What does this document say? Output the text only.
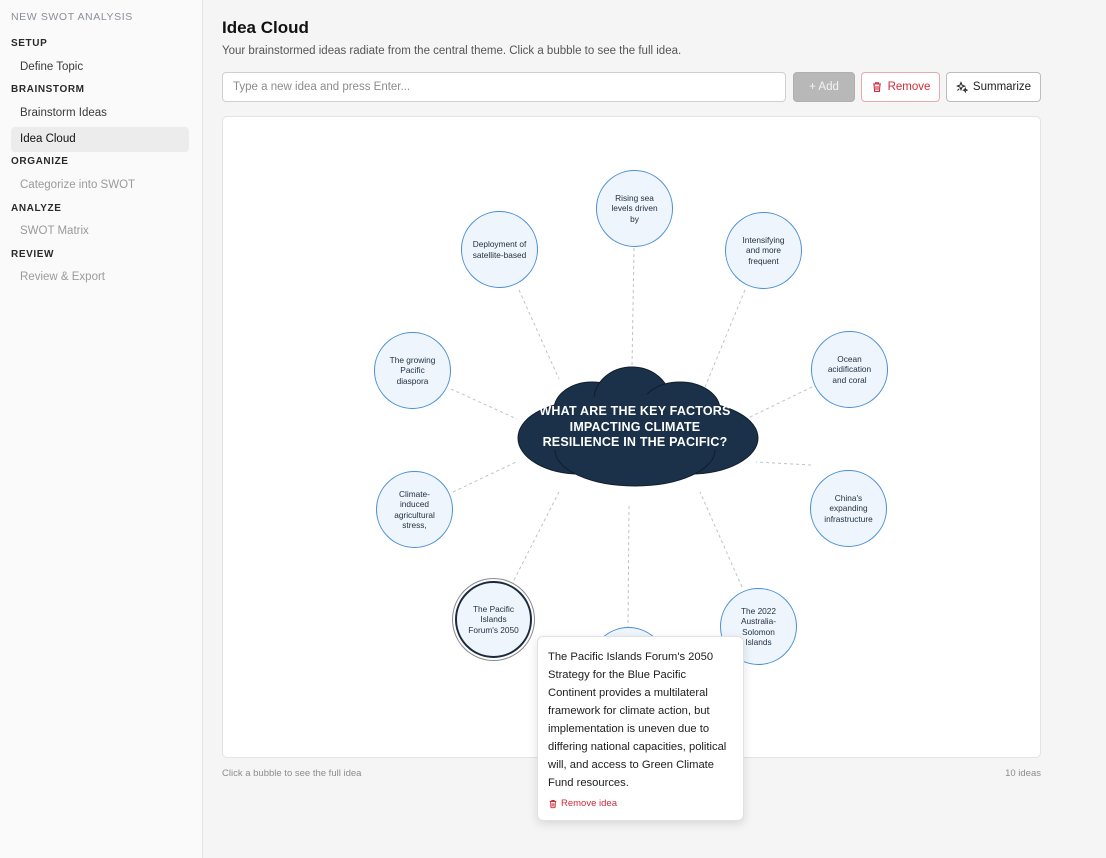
NEW SWOT ANALYSIS
SETUP
Define Topic
BRAINSTORM
Brainstorm Ideas
Idea Cloud
ORGANIZE
Categorize into SWOT
ANALYZE
SWOT Matrix
REVIEW
Review & Export
Idea Cloud
Your brainstormed ideas radiate from the central theme. Click a bubble to see the full idea.
Type a new idea and press Enter...
+ Add	Remove	Summarize
WHAT ARE THE KEY FACTORS IMPACTING CLIMATE RESILIENCE IN THE PACIFIC?
Rising sea levels driven by
Intensifying and more frequent
Ocean acidification and coral
China's expanding infrastructure
The 2022 Australia-Solomon Islands
The Pacific Islands Forum's 2050
Climate-induced agricultural stress,
The growing Pacific diaspora
Deployment of satellite-based
The Pacific Islands Forum's 2050 Strategy for the Blue Pacific Continent provides a multilateral framework for climate action, but implementation is uneven due to differing national capacities, political will, and access to Green Climate Fund resources.
Remove idea
Click a bubble to see the full idea	10 ideas
